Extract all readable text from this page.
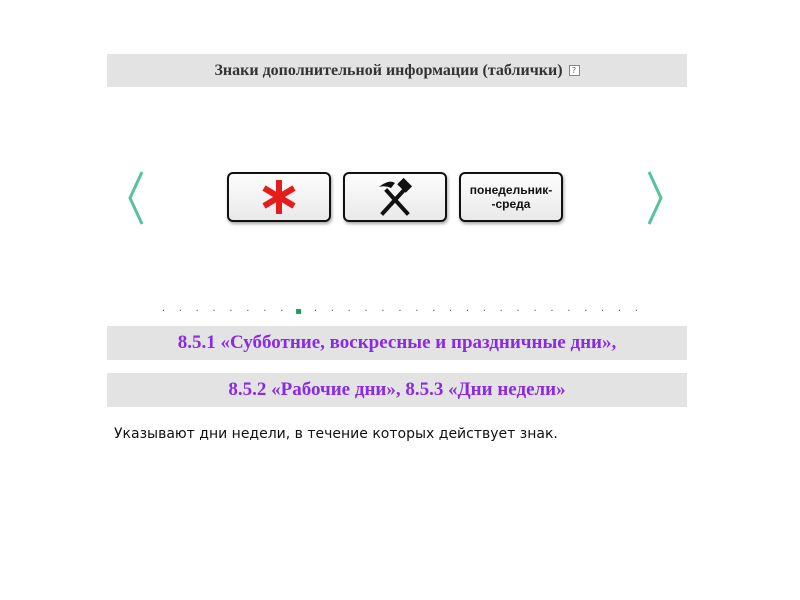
Знаки дополнительной информации (таблички)	?
понедельник-
-среда
·	·	·	·	·	·	·	·	▪	·	·	·	·	·	·	·	·	·	·	·	·	·	·	·	·	·	·	·	·
8.5.1 «Субботние, воскресные и праздничные дни»,
8.5.2 «Рабочие дни», 8.5.3 «Дни недели»
Указывают дни недели, в течение которых действует знак.
